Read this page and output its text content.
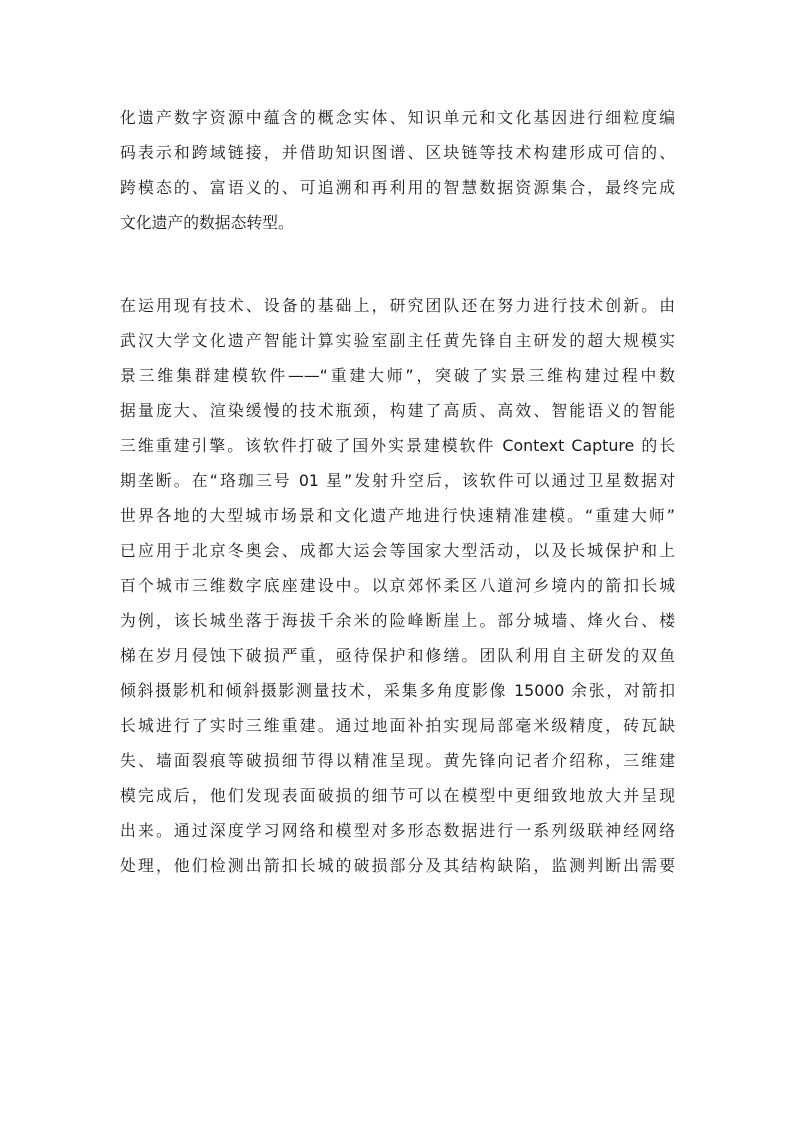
化遗产数字资源中蕴含的概念实体、知识单元和文化基因进行细粒度编
码表示和跨域链接，并借助知识图谱、区块链等技术构建形成可信的、
跨模态的、富语义的、可追溯和再利用的智慧数据资源集合，最终完成
文化遗产的数据态转型。
在运用现有技术、设备的基础上，研究团队还在努力进行技术创新。由
武汉大学文化遗产智能计算实验室副主任黄先锋自主研发的超大规模实
景三维集群建模软件——“重建大师”，突破了实景三维构建过程中数
据量庞大、渲染缓慢的技术瓶颈，构建了高质、高效、智能语义的智能
三维重建引擎。该软件打破了国外实景建模软件 Context Capture 的长
期垄断。在“珞珈三号 01 星”发射升空后，该软件可以通过卫星数据对
世界各地的大型城市场景和文化遗产地进行快速精准建模。“重建大师”
已应用于北京冬奥会、成都大运会等国家大型活动，以及长城保护和上
百个城市三维数字底座建设中。以京郊怀柔区八道河乡境内的箭扣长城
为例，该长城坐落于海拔千余米的险峰断崖上。部分城墙、烽火台、楼
梯在岁月侵蚀下破损严重，亟待保护和修缮。团队利用自主研发的双鱼
倾斜摄影机和倾斜摄影测量技术，采集多角度影像 15000 余张，对箭扣
长城进行了实时三维重建。通过地面补拍实现局部毫米级精度，砖瓦缺
失、墙面裂痕等破损细节得以精准呈现。黄先锋向记者介绍称，三维建
模完成后，他们发现表面破损的细节可以在模型中更细致地放大并呈现
出来。通过深度学习网络和模型对多形态数据进行一系列级联神经网络
处理，他们检测出箭扣长城的破损部分及其结构缺陷，监测判断出需要
